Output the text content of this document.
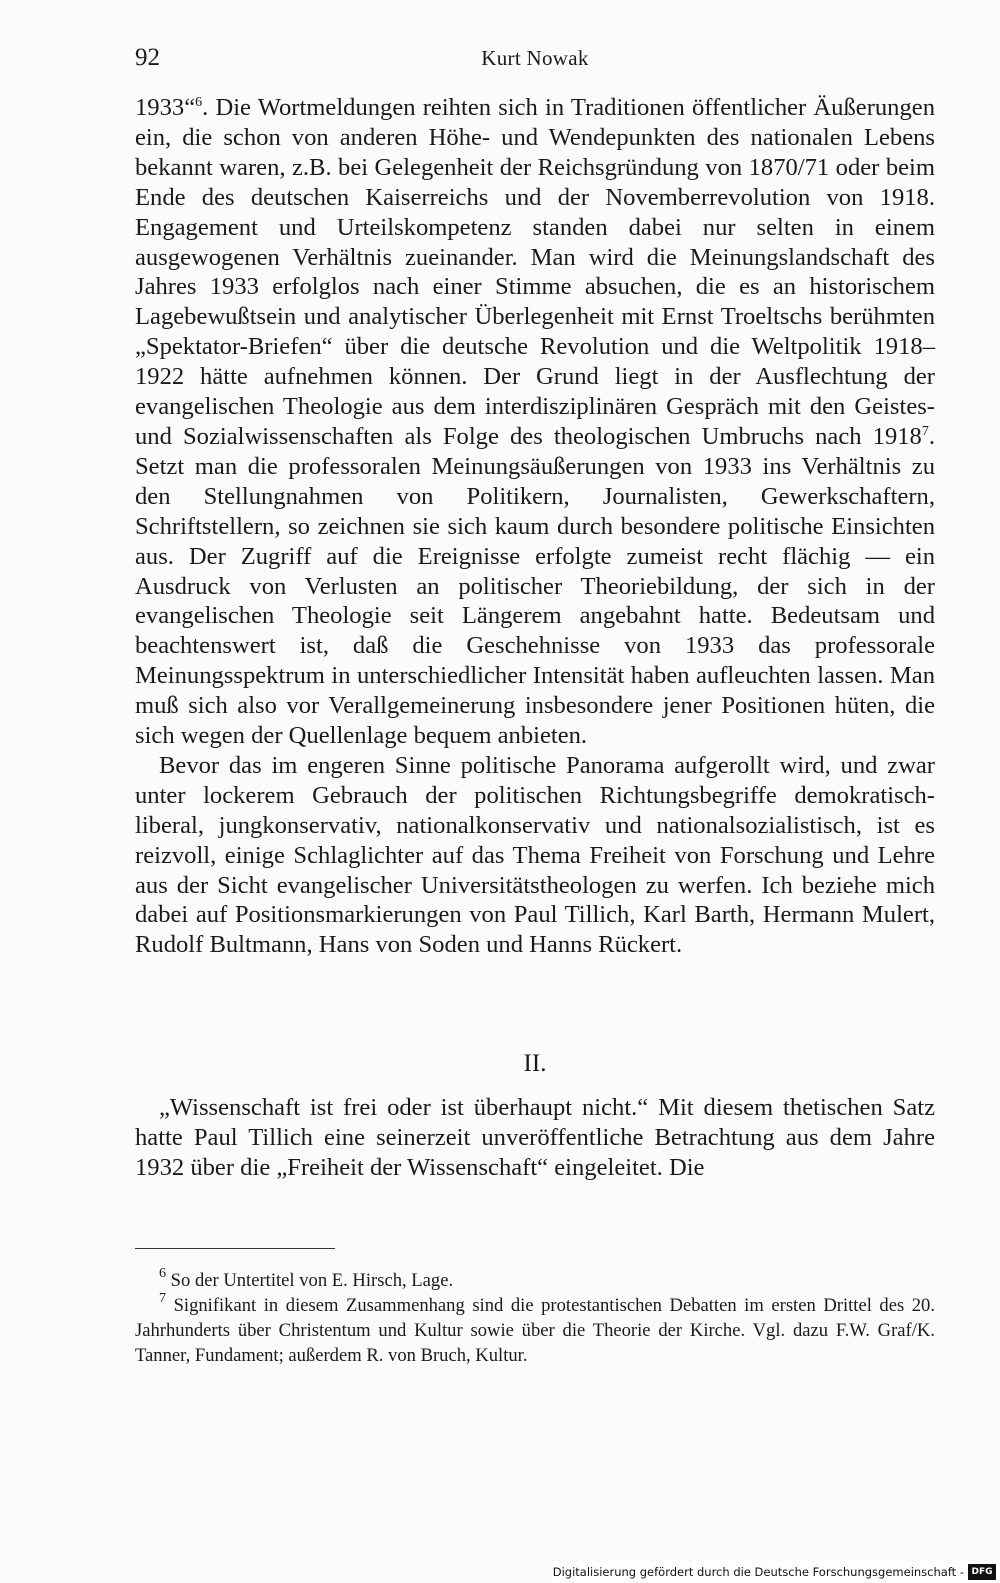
92	Kurt Nowak

1933“$^6$. Die Wortmeldungen reihten sich in Traditionen öffentlicher Äußerungen ein, die schon von anderen Höhe- und Wendepunkten des nationalen Lebens bekannt waren, z.B. bei Gelegenheit der Reichsgründung von 1870/71 oder beim Ende des deutschen Kaiserreichs und der Novemberrevolution von 1918. Engagement und Urteilskompetenz standen dabei nur selten in einem ausgewogenen Verhältnis zueinander. Man wird die Meinungslandschaft des Jahres 1933 erfolglos nach einer Stimme absuchen, die es an historischem Lagebewußtsein und analytischer Überlegenheit mit Ernst Troeltschs berühmten „Spektator-Briefen“ über die deutsche Revolution und die Weltpolitik 1918–1922 hätte aufnehmen können. Der Grund liegt in der Ausflechtung der evangelischen Theologie aus dem interdisziplinären Gespräch mit den Geistes- und Sozialwissenschaften als Folge des theologischen Umbruchs nach 1918$^7$. Setzt man die professoralen Meinungsäußerungen von 1933 ins Verhältnis zu den Stellungnahmen von Politikern, Journalisten, Gewerkschaftern, Schriftstellern, so zeichnen sie sich kaum durch besondere politische Einsichten aus. Der Zugriff auf die Ereignisse erfolgte zumeist recht flächig — ein Ausdruck von Verlusten an politischer Theoriebildung, der sich in der evangelischen Theologie seit Längerem angebahnt hatte. Bedeutsam und beachtenswert ist, daß die Geschehnisse von 1933 das professorale Meinungsspektrum in unterschiedlicher Intensität haben aufleuchten lassen. Man muß sich also vor Verallgemeinerung insbesondere jener Positionen hüten, die sich wegen der Quellenlage bequem anbieten.

Bevor das im engeren Sinne politische Panorama aufgerollt wird, und zwar unter lockerem Gebrauch der politischen Richtungsbegriffe demokratisch-liberal, jungkonservativ, nationalkonservativ und nationalsozialistisch, ist es reizvoll, einige Schlaglichter auf das Thema Freiheit von Forschung und Lehre aus der Sicht evangelischer Universitätstheologen zu werfen. Ich beziehe mich dabei auf Positionsmarkierungen von Paul Tillich, Karl Barth, Hermann Mulert, Rudolf Bultmann, Hans von Soden und Hanns Rückert.

II.

„Wissenschaft ist frei oder ist überhaupt nicht.“ Mit diesem thetischen Satz hatte Paul Tillich eine seinerzeit unveröffentliche Betrachtung aus dem Jahre 1932 über die „Freiheit der Wissenschaft“ eingeleitet. Die

$^6$ So der Untertitel von E. Hirsch, Lage.

$^7$ Signifikant in diesem Zusammenhang sind die protestantischen Debatten im ersten Drittel des 20. Jahrhunderts über Christentum und Kultur sowie über die Theorie der Kirche. Vgl. dazu F.W. Graf/K. Tanner, Fundament; außerdem R. von Bruch, Kultur.

Digitalisierung gefördert durch die Deutsche Forschungsgemeinschaft - DFG
